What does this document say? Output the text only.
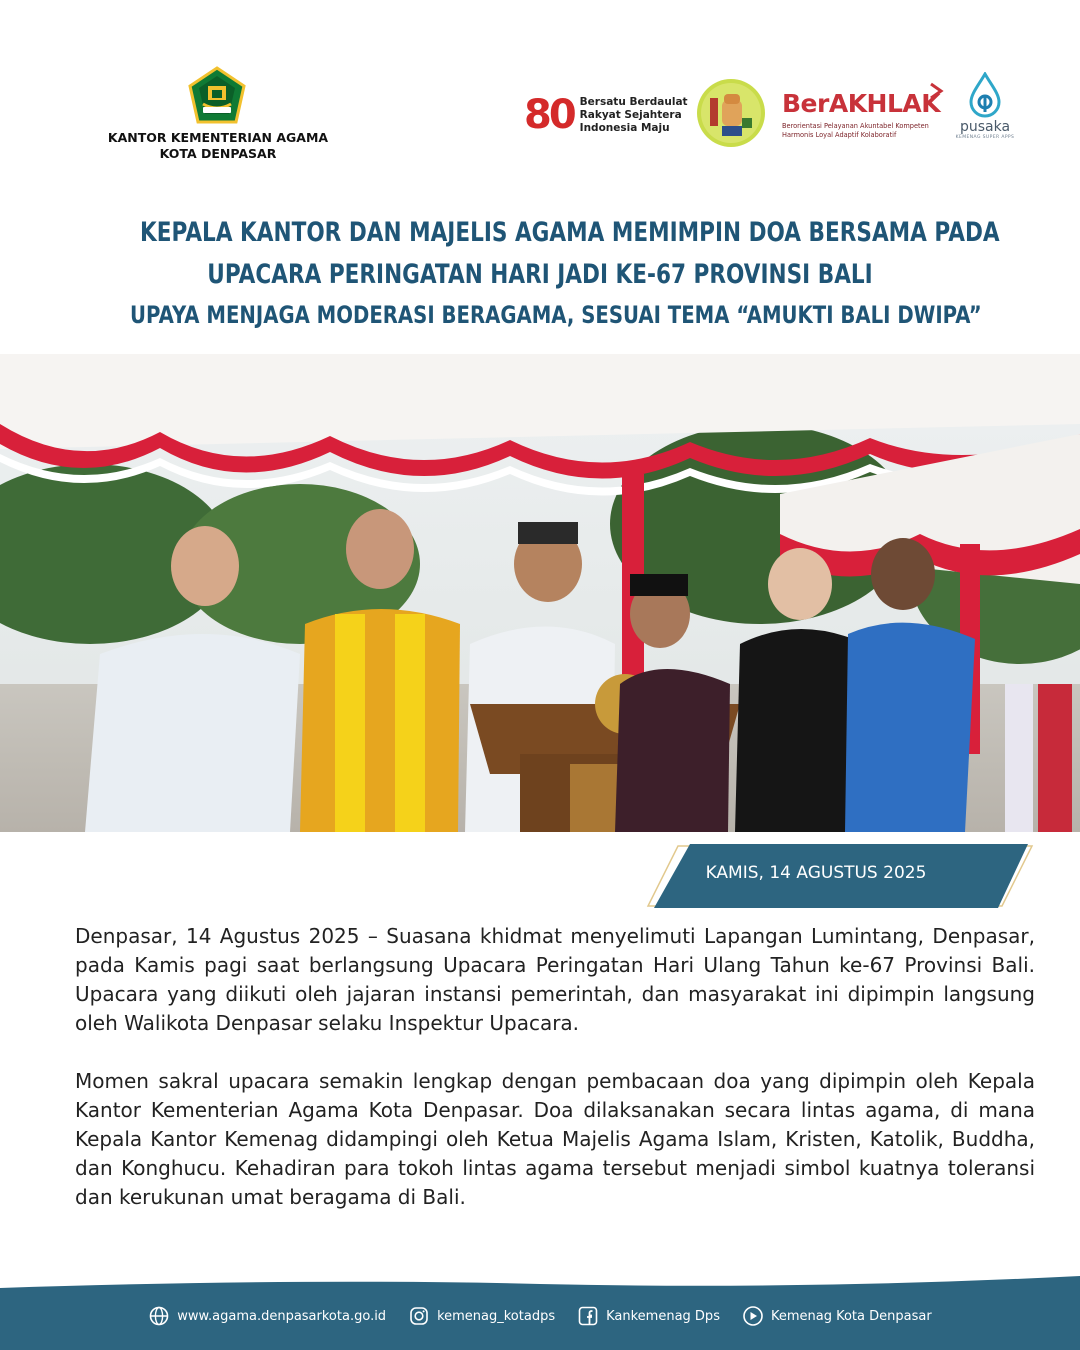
KANTOR KEMENTERIAN AGAMA
KOTA DENPASAR
80 Bersatu Berdaulat
Rakyat Sejahtera
Indonesia Maju
BerAKHLAK
Berorientasi Pelayanan Akuntabel Kompeten
Harmonis Loyal Adaptif Kolaboratif	pusaka
KEMENAG SUPER APPS
KEPALA KANTOR DAN MAJELIS AGAMA MEMIMPIN DOA BERSAMA PADA
UPACARA PERINGATAN HARI JADI KE-67 PROVINSI BALI
UPAYA MENJAGA MODERASI BERAGAMA, SESUAI TEMA “AMUKTI BALI DWIPA”
KAMIS, 14 AGUSTUS 2025

Denpasar, 14 Agustus 2025 – Suasana khidmat menyelimuti Lapangan Lumintang, Denpasar, pada Kamis pagi saat berlangsung Upacara Peringatan Hari Ulang Tahun ke-67 Provinsi Bali. Upacara yang diikuti oleh jajaran instansi pemerintah, dan masyarakat ini dipimpin langsung oleh Walikota Denpasar selaku Inspektur Upacara.

Momen sakral upacara semakin lengkap dengan pembacaan doa yang dipimpin oleh Kepala Kantor Kementerian Agama Kota Denpasar. Doa dilaksanakan secara lintas agama, di mana Kepala Kantor Kemenag didampingi oleh Ketua Majelis Agama Islam, Kristen, Katolik, Buddha, dan Konghucu. Kehadiran para tokoh lintas agama tersebut menjadi simbol kuatnya toleransi dan kerukunan umat beragama di Bali.

www.agama.denpasarkota.go.id	kemenag_kotadps	Kankemenag Dps	Kemenag Kota Denpasar
